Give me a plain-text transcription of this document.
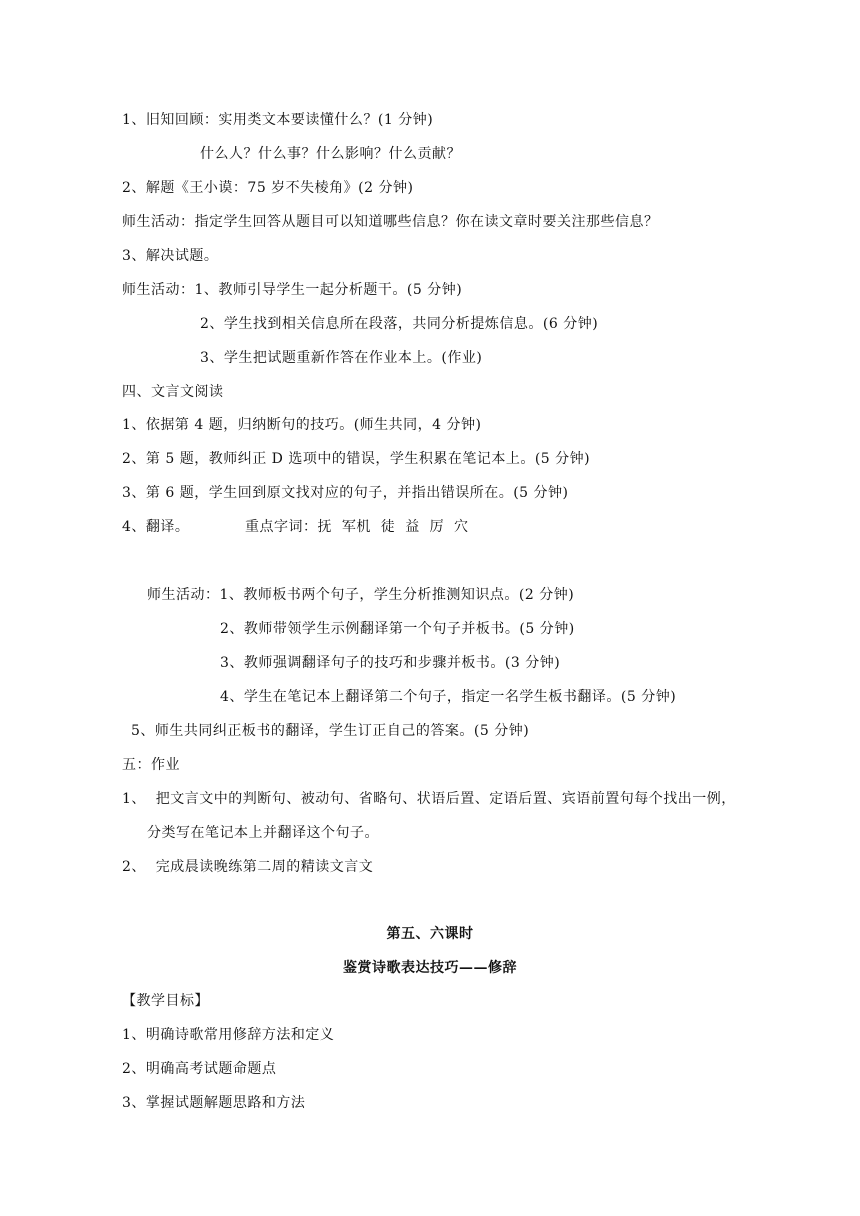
1、旧知回顾：实用类文本要读懂什么？(1 分钟)
什么人？什么事？什么影响？什么贡献？
2、解题《王小谟：75 岁不失棱角》(2 分钟)
师生活动：指定学生回答从题目可以知道哪些信息？你在读文章时要关注那些信息？
3、解决试题。
师生活动：1、教师引导学生一起分析题干。(5 分钟)
2、学生找到相关信息所在段落，共同分析提炼信息。(6 分钟)
3、学生把试题重新作答在作业本上。(作业)
四、文言文阅读
1、依据第 4 题，归纳断句的技巧。(师生共同，4 分钟)
2、第 5 题，教师纠正 D 选项中的错误，学生积累在笔记本上。(5 分钟)
3、第 6 题，学生回到原文找对应的句子，并指出错误所在。(5 分钟)
4、翻译。	重点字词：抚  军机  徒  益  厉  穴
师生活动：1、教师板书两个句子，学生分析推测知识点。(2 分钟)
2、教师带领学生示例翻译第一个句子并板书。(5 分钟)
3、教师强调翻译句子的技巧和步骤并板书。(3 分钟)
4、学生在笔记本上翻译第二个句子，指定一名学生板书翻译。(5 分钟)
5、师生共同纠正板书的翻译，学生订正自己的答案。(5 分钟)
五：作业
1、  把文言文中的判断句、被动句、省略句、状语后置、定语后置、宾语前置句每个找出一例，
分类写在笔记本上并翻译这个句子。
2、  完成晨读晚练第二周的精读文言文
第五、六课时
鉴赏诗歌表达技巧——修辞
【教学目标】
1、明确诗歌常用修辞方法和定义
2、明确高考试题命题点
3、掌握试题解题思路和方法
